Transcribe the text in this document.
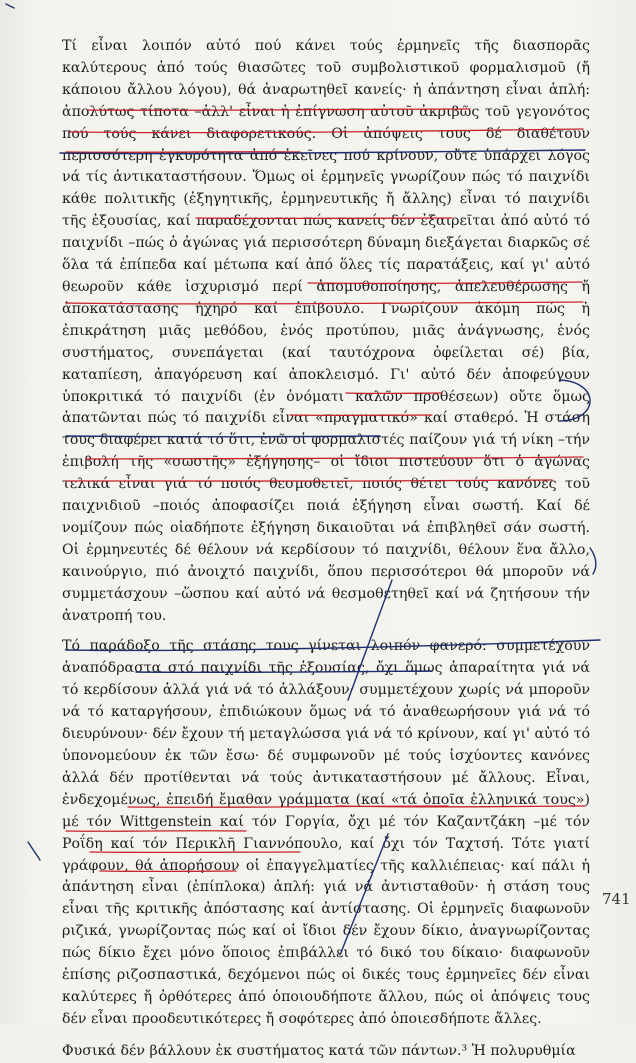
Τί εἶναι λοιπόν αὐτό πού κάνει τούς ἑρμηνεῖς τῆς διασπορᾶς καλύτερους ἀπό τούς θιασῶτες τοῦ συμβολιστικοῦ φορμαλισμοῦ (ἤ κάποιου ἄλλου λόγου), θά ἀναρωτηθεῖ κανείς· ἡ ἀπάντηση εἶναι ἁπλή: ἀπολύτως τίποτα –ἀλλ' εἶναι ἡ ἐπίγνωση αὐτοῦ ἀκριβῶς τοῦ γεγονότος πού τούς κάνει διαφορετικούς. Οἱ ἀπόψεις τους δέ διαθέτουν περισσότερη ἐγκυρότητα ἀπό ἐκεῖνες πού κρίνουν, οὔτε ὑπάρχει λόγος νά τίς ἀντικαταστήσουν. Ὅμως οἱ ἑρμηνεῖς γνωρίζουν πώς τό παιχνίδι κάθε πολιτικῆς (ἐξηγητικῆς, ἑρμηνευτικῆς ἤ ἄλλης) εἶναι τό παιχνίδι τῆς ἐξουσίας, καί παραδέχονται πώς κανείς δέν ἐξαιρεῖται ἀπό αὐτό τό παιχνίδι –πώς ὁ ἀγώνας γιά περισσότερη δύναμη διεξάγεται διαρκῶς σέ ὅλα τά ἐπίπεδα καί μέτωπα καί ἀπό ὅλες τίς παρατάξεις, καί γι' αὐτό θεωροῦν κάθε ἰσχυρισμό περί ἀπομυθοποίησης, ἀπελευθέρωσης ἤ ἀποκατάστασης ἠχηρό καί ἐπίβουλο. Γνωρίζουν ἀκόμη πώς ἡ ἐπικράτηση μιᾶς μεθόδου, ἑνός προτύπου, μιᾶς ἀνάγνωσης, ἑνός συστήματος, συνεπάγεται (καί ταυτόχρονα ὀφείλεται σέ) βία, καταπίεση, ἀπαγόρευση καί ἀποκλεισμό. Γι' αὐτό δέν ἀποφεύγουν ὑποκριτικά τό παιχνίδι (ἐν ὀνόματι καλῶν προθέσεων) οὔτε ὅμως ἀπατῶνται πώς τό παιχνίδι εἶναι «πραγματικό» καί σταθερό. Ἡ στάση τους διαφέρει κατά τό ὅτι, ἐνῶ οἱ φορμαλιστές παίζουν γιά τή νίκη –τήν ἐπιβολή τῆς «σωστῆς» ἐξήγησης– οἱ ἴδιοι πιστεύουν ὅτι ὁ ἀγώνας τελικά εἶναι γιά τό ποιός θεσμοθετεῖ, ποιός θέτει τούς κανόνες τοῦ παιχνιδιοῦ –ποιός ἀποφασίζει ποιά ἐξήγηση εἶναι σωστή. Καί δέ νομίζουν πώς οἱαδήποτε ἐξήγηση δικαιοῦται νά ἐπιβληθεῖ σάν σωστή. Οἱ ἑρμηνευτές δέ θέλουν νά κερδίσουν τό παιχνίδι, θέλουν ἕνα ἄλλο, καινούργιο, πιό ἀνοιχτό παιχνίδι, ὅπου περισσότεροι θά μποροῦν νά συμμετάσχουν –ὥσπου καί αὐτό νά θεσμοθετηθεῖ καί νά ζητήσουν τήν ἀνατροπή του.

Τό παράδοξο τῆς στάσης τους γίνεται λοιπόν φανερό: συμμετέχουν ἀναπόδραστα στό παιχνίδι τῆς ἐξουσίας, ὄχι ὅμως ἀπαραίτητα γιά νά τό κερδίσουν ἀλλά γιά νά τό ἀλλάξουν· συμμετέχουν χωρίς νά μποροῦν νά τό καταργήσουν, ἐπιδιώκουν ὅμως νά τό ἀναθεωρήσουν γιά νά τό διευρύνουν· δέν ἔχουν τή μεταγλώσσα γιά νά τό κρίνουν, καί γι' αὐτό τό ὑπονομεύουν ἐκ τῶν ἔσω· δέ συμφωνοῦν μέ τούς ἰσχύοντες κανόνες ἀλλά δέν προτίθενται νά τούς ἀντικαταστήσουν μέ ἄλλους. Εἶναι, ἐνδεχομένως, ἐπειδή ἔμαθαν γράμματα (καί «τά ὁποῖα ἑλληνικά τους») μέ τόν Wittgenstein καί τόν Γοργία, ὄχι μέ τόν Καζαντζάκη –μέ τόν Ροΐδη καί τόν Περικλῆ Γιαννόπουλο, καί ὄχι τόν Ταχτσή. Τότε γιατί γράφουν, θά ἀπορήσουν οἱ ἐπαγγελματίες τῆς καλλιέπειας· καί πάλι ἡ ἀπάντηση εἶναι (ἐπίπλοκα) ἁπλή: γιά νά ἀντισταθοῦν· ἡ στάση τους εἶναι τῆς κριτικῆς ἀπόστασης καί ἀντίστασης. Οἱ ἑρμηνεῖς διαφωνοῦν ριζικά, γνωρίζοντας πώς καί οἱ ἴδιοι δέν ἔχουν δίκιο, ἀναγνωρίζοντας πώς δίκιο ἔχει μόνο ὅποιος ἐπιβάλλει τό δικό του δίκαιο· διαφωνοῦν ἐπίσης ριζοσπαστικά, δεχόμενοι πώς οἱ δικές τους ἑρμηνεῖες δέν εἶναι καλύτερες ἤ ὀρθότερες ἀπό ὁποιουδήποτε ἄλλου, πώς οἱ ἀπόψεις τους δέν εἶναι προοδευτικότερες ἤ σοφότερες ἀπό ὁποιεσδήποτε ἄλλες.

Φυσικά δέν βάλλουν ἐκ συστήματος κατά τῶν πάντων.³ Ἡ πολυρυθμία

741
